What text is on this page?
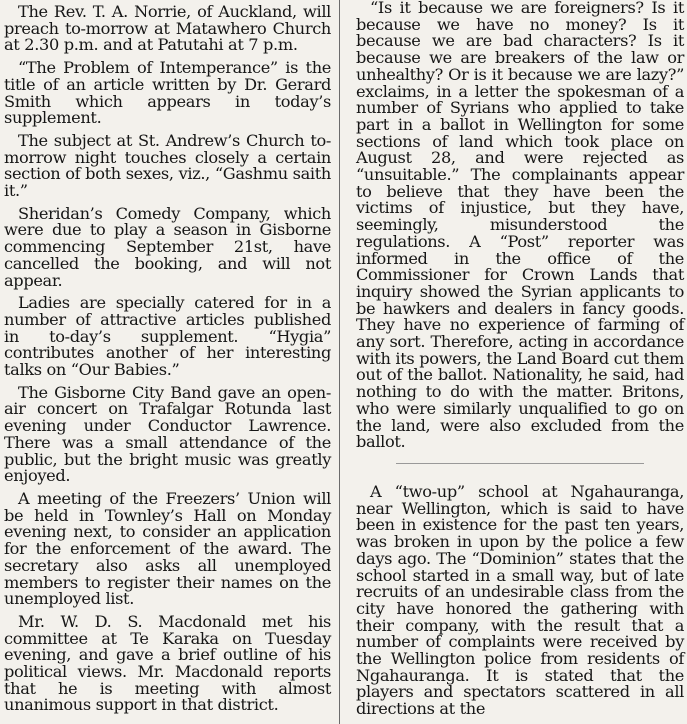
The Rev. T. A. Norrie, of Auckland, will preach to-morrow at Matawhero Church at 2.30 p.m. and at Patutahi at 7 p.m.

“The Problem of Intemperance” is the title of an article written by Dr. Gerard Smith which appears in today’s supplement.

The subject at St. Andrew’s Church to-morrow night touches closely a certain section of both sexes, viz., “Gashmu saith it.”

Sheridan’s Comedy Company, which were due to play a season in Gisborne commencing September 21st, have cancelled the booking, and will not appear.

Ladies are specially catered for in a number of attractive articles published in to-day’s supplement. “Hygia” contributes another of her interesting talks on “Our Babies.”

The Gisborne City Band gave an open-air concert on Trafalgar Rotunda last evening under Conductor Lawrence. There was a small attendance of the public, but the bright music was greatly enjoyed.

A meeting of the Freezers’ Union will be held in Townley’s Hall on Monday evening next, to consider an application for the enforcement of the award. The secretary also asks all unemployed members to register their names on the unemployed list.

Mr. W. D. S. Macdonald met his committee at Te Karaka on Tuesday evening, and gave a brief outline of his political views. Mr. Macdonald reports that he is meeting with almost unanimous support in that district.

“Is it because we are foreigners? Is it because we have no money? Is it because we are bad characters? Is it because we are breakers of the law or unhealthy? Or is it because we are lazy?” exclaims, in a letter the spokesman of a number of Syrians who applied to take part in a ballot in Wellington for some sections of land which took place on August 28, and were rejected as “unsuitable.” The complainants appear to believe that they have been the victims of injustice, but they have, seemingly, misunderstood the regulations. A “Post” reporter was informed in the office of the Commissioner for Crown Lands that inquiry showed the Syrian applicants to be hawkers and dealers in fancy goods. They have no experience of farming of any sort. Therefore, acting in accordance with its powers, the Land Board cut them out of the ballot. Nationality, he said, had nothing to do with the matter. Britons, who were similarly unqualified to go on the land, were also excluded from the ballot.

A “two-up” school at Ngahauranga, near Wellington, which is said to have been in existence for the past ten years, was broken in upon by the police a few days ago. The “Dominion” states that the school started in a small way, but of late recruits of an undesirable class from the city have honored the gathering with their company, with the result that a number of complaints were received by the Wellington police from residents of Ngahauranga. It is stated that the players and spectators scattered in all directions at the
